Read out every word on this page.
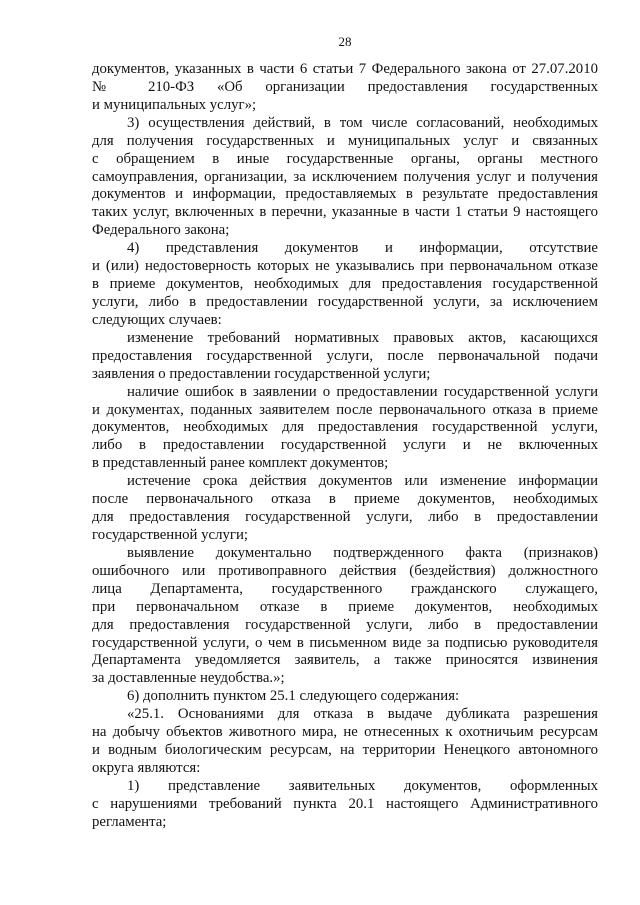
28
документов, указанных в части 6 статьи 7 Федерального закона от 27.07.2010
№ 210-ФЗ «Об организации предоставления государственных
и муниципальных услуг»;
3) осуществления действий, в том числе согласований, необходимых
для получения государственных и муниципальных услуг и связанных
с обращением в иные государственные органы, органы местного
самоуправления, организации, за исключением получения услуг и получения
документов и информации, предоставляемых в результате предоставления
таких услуг, включенных в перечни, указанные в части 1 статьи 9 настоящего
Федерального закона;
4) представления документов и информации, отсутствие
и (или) недостоверность которых не указывались при первоначальном отказе
в приеме документов, необходимых для предоставления государственной
услуги, либо в предоставлении государственной услуги, за исключением
следующих случаев:
изменение требований нормативных правовых актов, касающихся
предоставления государственной услуги, после первоначальной подачи
заявления о предоставлении государственной услуги;
наличие ошибок в заявлении о предоставлении государственной услуги
и документах, поданных заявителем после первоначального отказа в приеме
документов, необходимых для предоставления государственной услуги,
либо в предоставлении государственной услуги и не включенных
в представленный ранее комплект документов;
истечение срока действия документов или изменение информации
после первоначального отказа в приеме документов, необходимых
для предоставления государственной услуги, либо в предоставлении
государственной услуги;
выявление документально подтвержденного факта (признаков)
ошибочного или противоправного действия (бездействия) должностного
лица Департамента, государственного гражданского служащего,
при первоначальном отказе в приеме документов, необходимых
для предоставления государственной услуги, либо в предоставлении
государственной услуги, о чем в письменном виде за подписью руководителя
Департамента уведомляется заявитель, а также приносятся извинения
за доставленные неудобства.»;
6) дополнить пунктом 25.1 следующего содержания:
«25.1. Основаниями для отказа в выдаче дубликата разрешения
на добычу объектов животного мира, не отнесенных к охотничьим ресурсам
и водным биологическим ресурсам, на территории Ненецкого автономного
округа являются:
1) представление заявительных документов, оформленных
с нарушениями требований пункта 20.1 настоящего Административного
регламента;
